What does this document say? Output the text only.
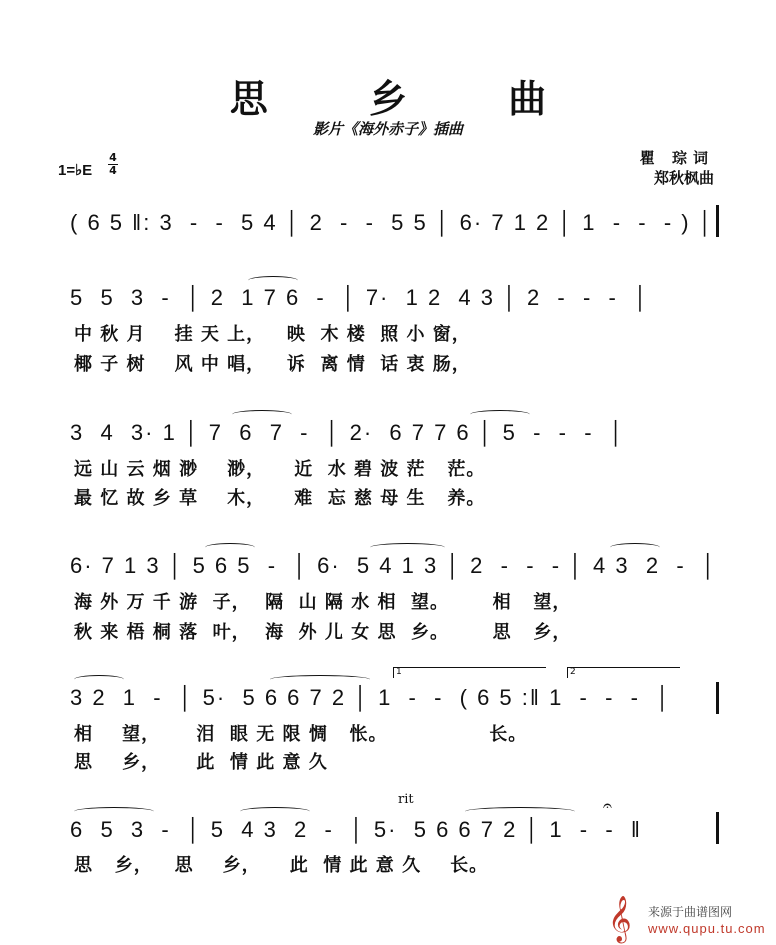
思 乡 曲
影片《海外赤子》插曲
瞿 琮词
郑秋枫曲
1=♭E
4
4
( 6 5 ‖: 3  -  -  5 4 │ 2  -  -  5 5 │ 6· 7 1 2 │ 1  -  -  - ) │
5  5  3  -  │ 2  1 7 6  -  │ 7·  1 2  4 3 │ 2  -  -  -  │
中 秋 月    挂 天 上，   映  木 楼  照 小 窗，
椰 子 树    风 中 唱，   诉  离 情  话 衷 肠，
3  4  3· 1 │ 7  6  7  -  │ 2·  6 7 7 6 │ 5  -  -  -  │
远 山 云 烟 渺    渺，    近  水 碧 波 茫   茫。
最 忆 故 乡 草    木，    难  忘 慈 母 生   养。
6· 7 1 3 │ 5 6 5  -  │ 6·  5 4 1 3 │ 2  -  -  - │ 4 3  2  -  │
海 外 万 千 游  子，  隔  山 隔 水 相  望。      相   望，
秋 来 梧 桐 落  叶，  海  外 儿 女 思  乡。      思   乡，
1	2
3 2  1  -  │ 5·  5 6 6 7 2 │ 1  -  -  ( 6 5 :‖ 1  -  -  -  │
相    望，     泪  眼 无 限 惆   怅。              长。
思    乡，     此  情 此 意 久
rit	𝄐
6  5  3  -  │ 5  4 3  2  -  │ 5·  5 6 6 7 2 │ 1  -  -  ‖
思   乡，   思    乡，    此  情 此 意 久    长。
𝄞 来源于曲谱图网
www.qupu.tu.com
